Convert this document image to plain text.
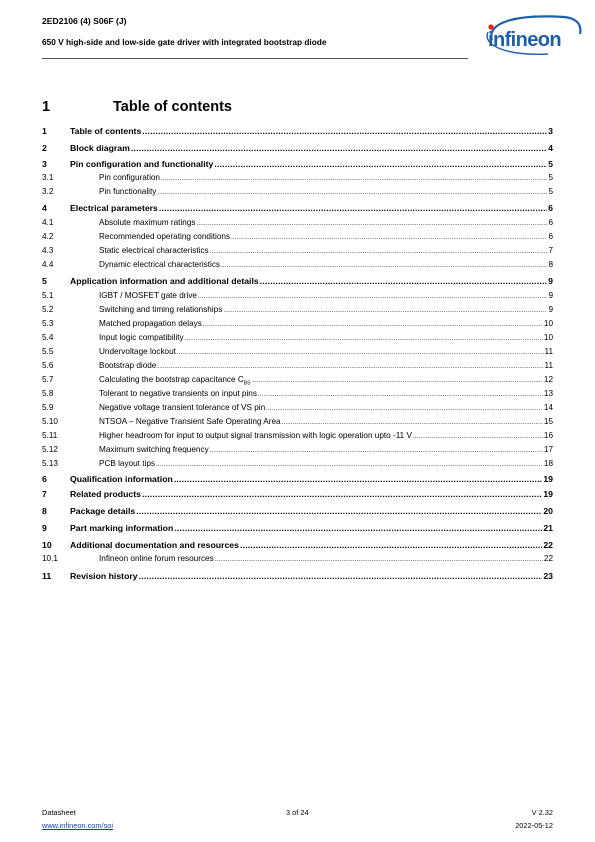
2ED2106 (4) S06F (J)
650 V high-side and low-side gate driver with integrated bootstrap diode	infineon
1	Table of contents
1	Table of contents .....	3
2	Block diagram .....	4
3	Pin configuration and functionality .....	5
3.1	Pin configuration .....	5
3.2	Pin functionality .....	5
4	Electrical parameters .....	6
4.1	Absolute maximum ratings .....	6
4.2	Recommended operating conditions .....	6
4.3	Static electrical characteristics .....	7
4.4	Dynamic electrical characteristics .....	8
5	Application information and additional details .....	9
5.1	IGBT / MOSFET gate drive .....	9
5.2	Switching and timing relationships .....	9
5.3	Matched propagation delays .....	10
5.4	Input logic compatibility .....	10
5.5	Undervoltage lockout .....	11
5.6	Bootstrap diode .....	11
5.7	Calculating the bootstrap capacitance $C_{BS}$ .....	12
5.8	Tolerant to negative transients on input pins .....	13
5.9	Negative voltage transient tolerance of VS pin .....	14
5.10	NTSOA – Negative Transient Safe Operating Area .....	15
5.11	Higher headroom for input to output signal transmission with logic operation upto -11 V .....	16
5.12	Maximum switching frequency .....	17
5.13	PCB layout tips .....	18
6	Qualification information .....	19
7	Related products .....	19
8	Package details .....	20
9	Part marking information .....	21
10	Additional documentation and resources .....	22
10.1	Infineon online forum resources .....	22
11	Revision history .....	23
Datasheet	3 of 24	V 2.32
www.infineon.com/soi	2022-05-12
